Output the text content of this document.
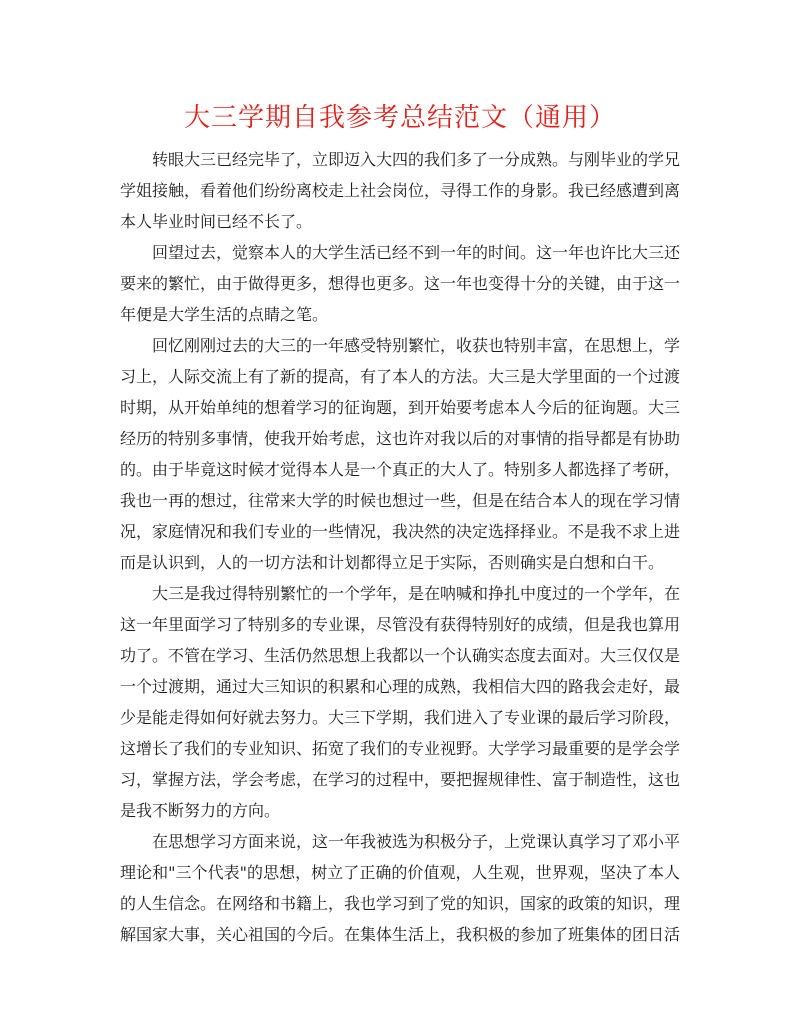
大三学期自我参考总结范文（通用）

转眼大三已经完毕了，立即迈入大四的我们多了一分成熟。与刚毕业的学兄学姐接触，看着他们纷纷离校走上社会岗位，寻得工作的身影。我已经感遭到离本人毕业时间已经不长了。

回望过去，觉察本人的大学生活已经不到一年的时间。这一年也许比大三还要来的繁忙，由于做得更多，想得也更多。这一年也变得十分的关键，由于这一年便是大学生活的点睛之笔。

回忆刚刚过去的大三的一年感受特别繁忙，收获也特别丰富，在思想上，学习上，人际交流上有了新的提高，有了本人的方法。大三是大学里面的一个过渡时期，从开始单纯的想着学习的征询题，到开始要考虑本人今后的征询题。大三经历的特别多事情，使我开始考虑，这也许对我以后的对事情的指导都是有协助的。由于毕竟这时候才觉得本人是一个真正的大人了。特别多人都选择了考研，我也一再的想过，往常来大学的时候也想过一些，但是在结合本人的现在学习情况，家庭情况和我们专业的一些情况，我决然的决定选择择业。不是我不求上进而是认识到，人的一切方法和计划都得立足于实际，否则确实是白想和白干。

大三是我过得特别繁忙的一个学年，是在呐喊和挣扎中度过的一个学年，在这一年里面学习了特别多的专业课，尽管没有获得特别好的成绩，但是我也算用功了。不管在学习、生活仍然思想上我都以一个认确实态度去面对。大三仅仅是一个过渡期，通过大三知识的积累和心理的成熟，我相信大四的路我会走好，最少是能走得如何好就去努力。大三下学期，我们进入了专业课的最后学习阶段，这增长了我们的专业知识、拓宽了我们的专业视野。大学学习最重要的是学会学习，掌握方法，学会考虑，在学习的过程中，要把握规律性、富于制造性，这也是我不断努力的方向。

在思想学习方面来说，这一年我被选为积极分子，上党课认真学习了邓小平理论和"三个代表"的思想，树立了正确的价值观，人生观，世界观，坚决了本人的人生信念。在网络和书籍上，我也学习到了党的知识，国家的政策的知识，理解国家大事，关心祖国的今后。在集体生活上，我积极的参加了班集体的团日活
